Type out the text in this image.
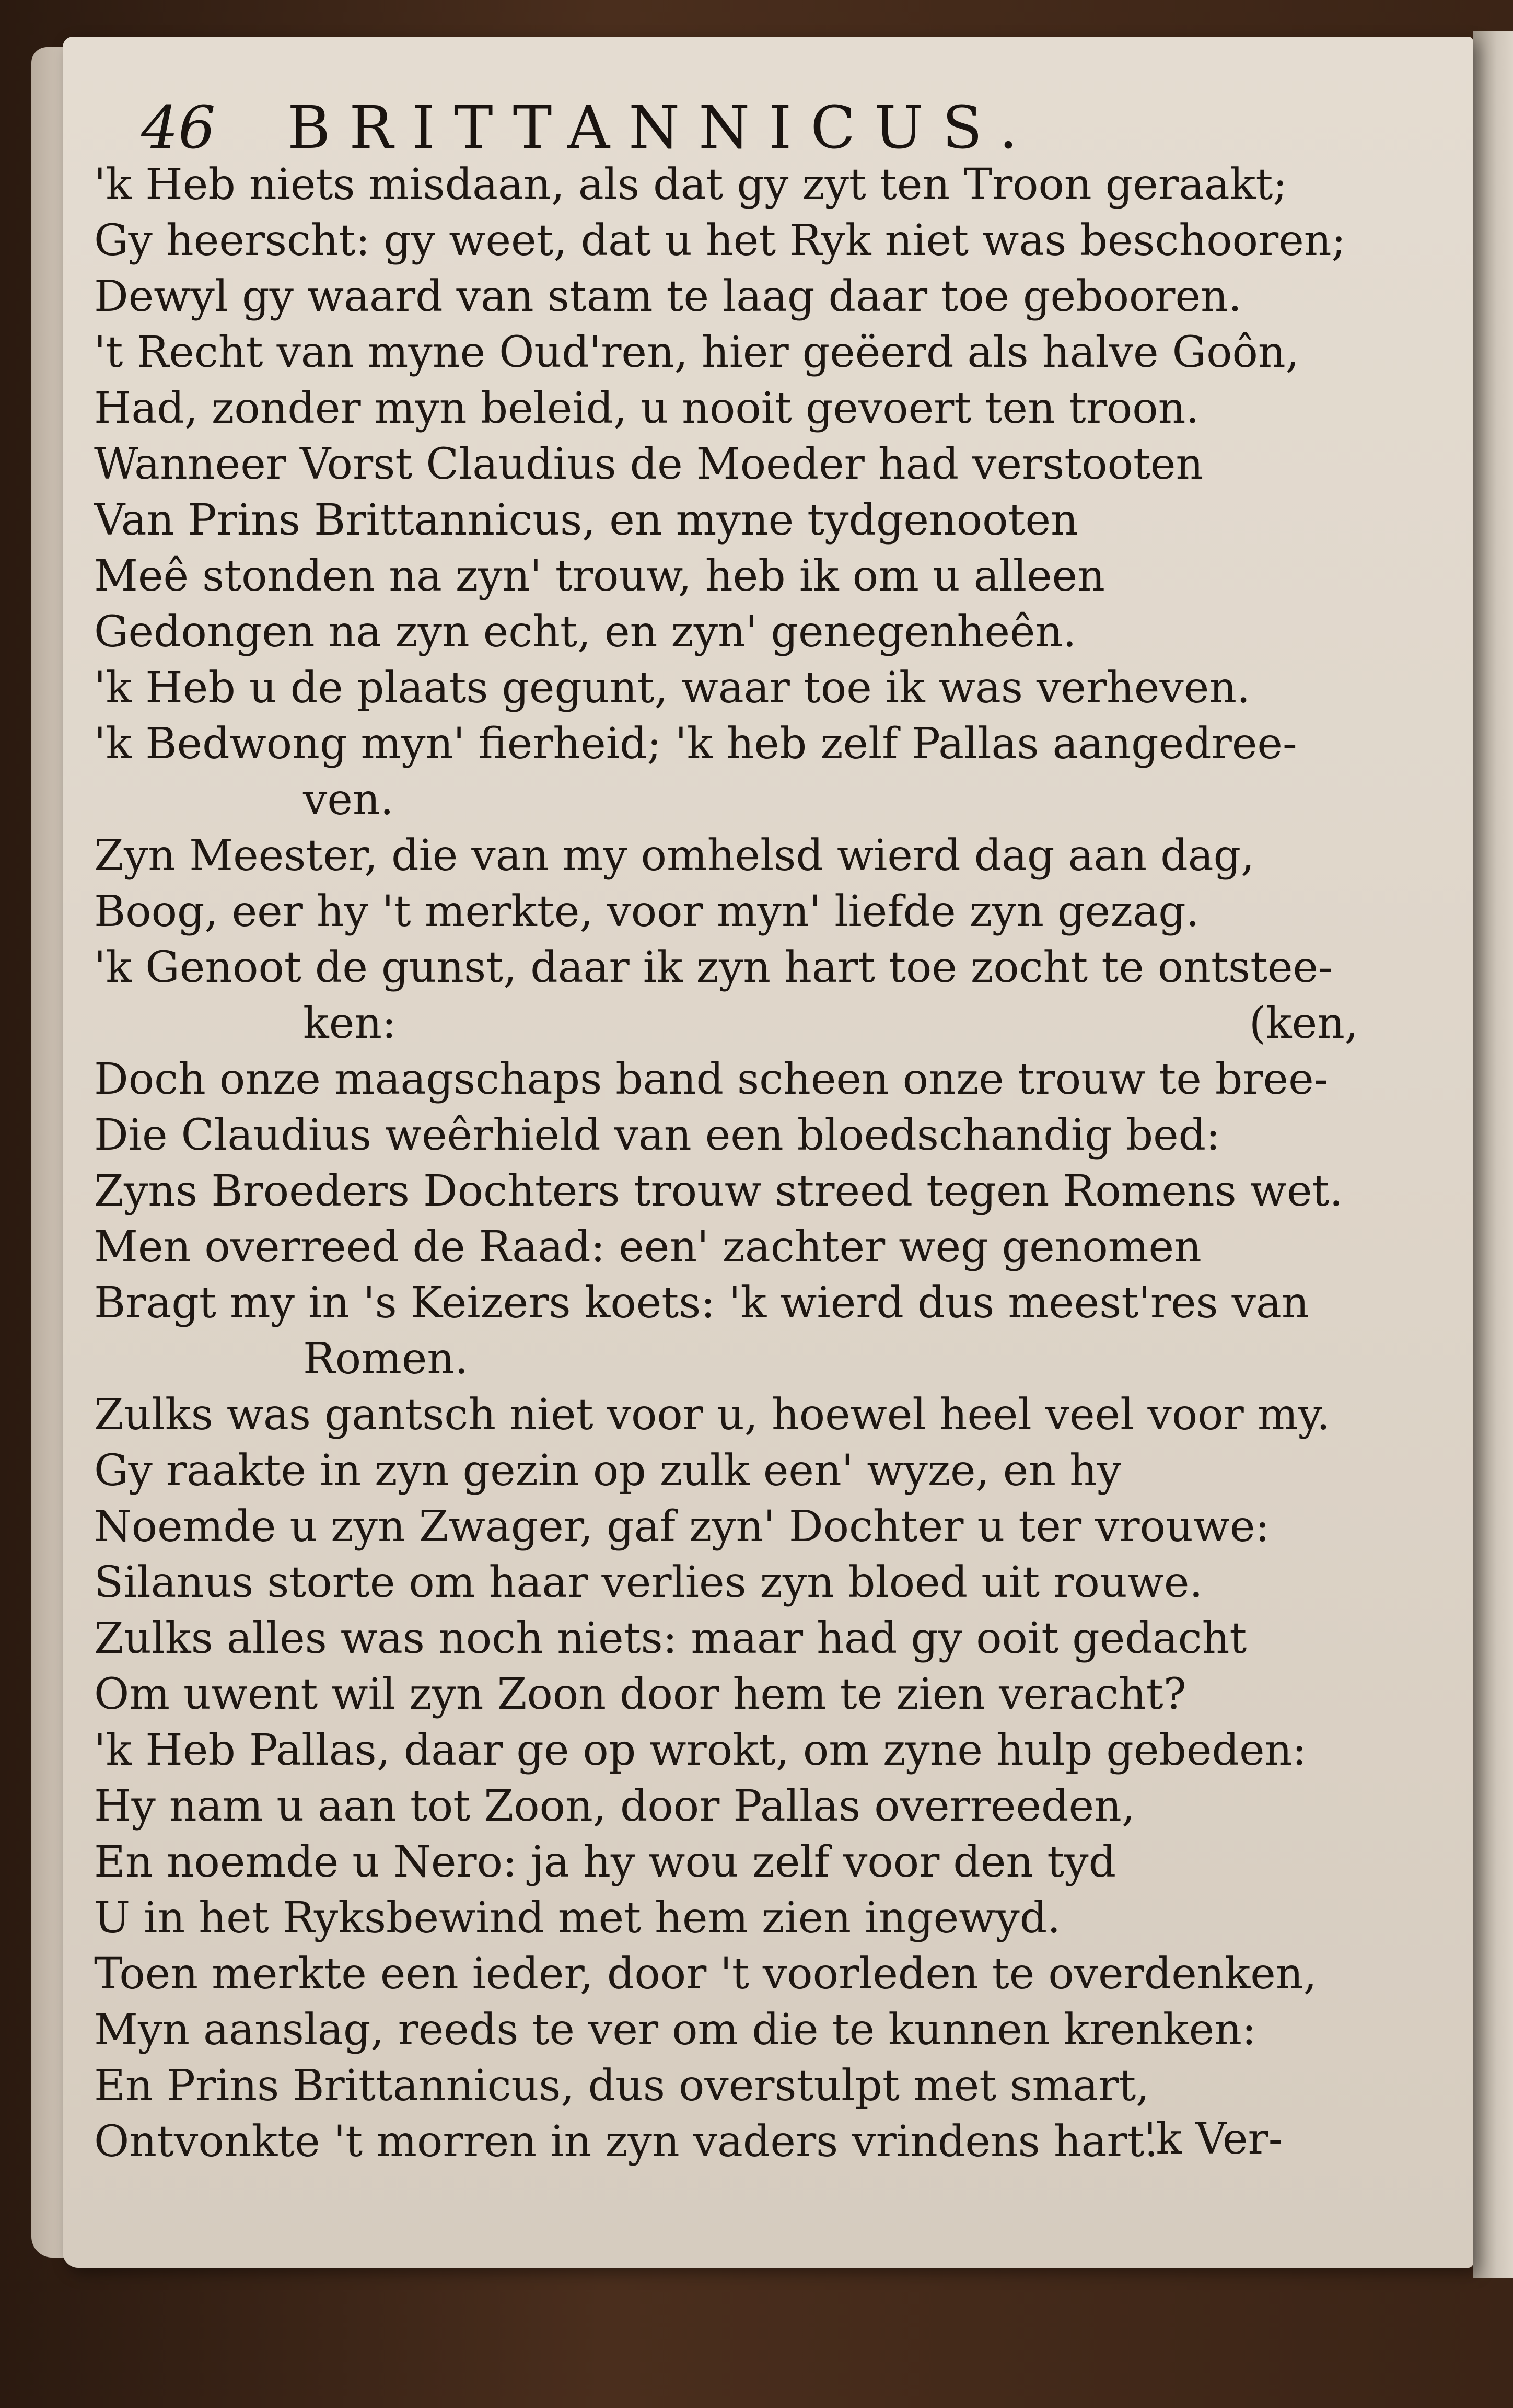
46 BRITTANNICUS.
'k Heb niets misdaan, als dat gy zyt ten Troon geraakt;
Gy heerscht: gy weet, dat u het Ryk niet was beschooren;
Dewyl gy waard van stam te laag daar toe gebooren.
't Recht van myne Oud'ren, hier geëerd als halve Goôn,
Had, zonder myn beleid, u nooit gevoert ten troon.
Wanneer Vorst Claudius de Moeder had verstooten
Van Prins Brittannicus, en myne tydgenooten
Meê stonden na zyn' trouw, heb ik om u alleen
Gedongen na zyn echt, en zyn' genegenheên.
'k Heb u de plaats gegunt, waar toe ik was verheven.
'k Bedwong myn' fierheid; 'k heb zelf Pallas aangedree-
ven.
Zyn Meester, die van my omhelsd wierd dag aan dag,
Boog, eer hy 't merkte, voor myn' liefde zyn gezag.
'k Genoot de gunst, daar ik zyn hart toe zocht te ontstee-
ken:	(ken,
Doch onze maagschaps band scheen onze trouw te bree-
Die Claudius weêrhield van een bloedschandig bed:
Zyns Broeders Dochters trouw streed tegen Romens wet.
Men overreed de Raad: een' zachter weg genomen
Bragt my in 's Keizers koets: 'k wierd dus meest'res van
Romen.
Zulks was gantsch niet voor u, hoewel heel veel voor my.
Gy raakte in zyn gezin op zulk een' wyze, en hy
Noemde u zyn Zwager, gaf zyn' Dochter u ter vrouwe:
Silanus storte om haar verlies zyn bloed uit rouwe.
Zulks alles was noch niets: maar had gy ooit gedacht
Om uwent wil zyn Zoon door hem te zien veracht?
'k Heb Pallas, daar ge op wrokt, om zyne hulp gebeden:
Hy nam u aan tot Zoon, door Pallas overreeden,
En noemde u Nero: ja hy wou zelf voor den tyd
U in het Ryksbewind met hem zien ingewyd.
Toen merkte een ieder, door 't voorleden te overdenken,
Myn aanslag, reeds te ver om die te kunnen krenken:
En Prins Brittannicus, dus overstulpt met smart,
Ontvonkte 't morren in zyn vaders vrindens hart.
'k Ver-
